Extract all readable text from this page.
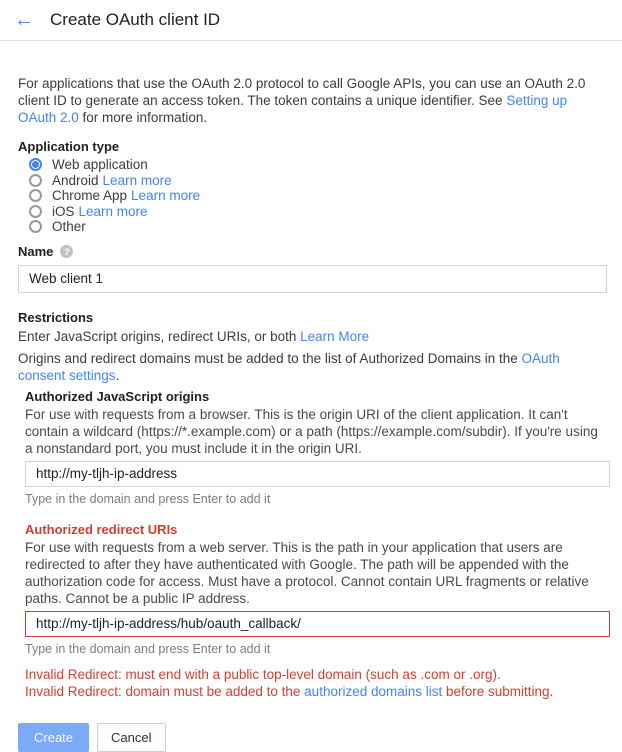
← Create OAuth client ID

For applications that use the OAuth 2.0 protocol to call Google APIs, you can use an OAuth 2.0 client ID to generate an access token. The token contains a unique identifier. See Setting up OAuth 2.0 for more information.

Application type
Web application
Android Learn more
Chrome App Learn more
iOS Learn more
Other
Name	?
Web client 1
Restrictions

Enter JavaScript origins, redirect URIs, or both Learn More

Origins and redirect domains must be added to the list of Authorized Domains in the OAuth consent settings.

Authorized JavaScript origins

For use with requests from a browser. This is the origin URI of the client application. It can't contain a wildcard (https://*.example.com) or a path (https://example.com/subdir). If you're using a nonstandard port, you must include it in the origin URI.

http://my-tljh-ip-address
Type in the domain and press Enter to add it
Authorized redirect URIs

For use with requests from a web server. This is the path in your application that users are redirected to after they have authenticated with Google. The path will be appended with the authorization code for access. Must have a protocol. Cannot contain URL fragments or relative paths. Cannot be a public IP address.

http://my-tljh-ip-address/hub/oauth_callback/
Type in the domain and press Enter to add it
Invalid Redirect: must end with a public top-level domain (such as .com or .org).
Invalid Redirect: domain must be added to the authorized domains list before submitting.
Create	Cancel
